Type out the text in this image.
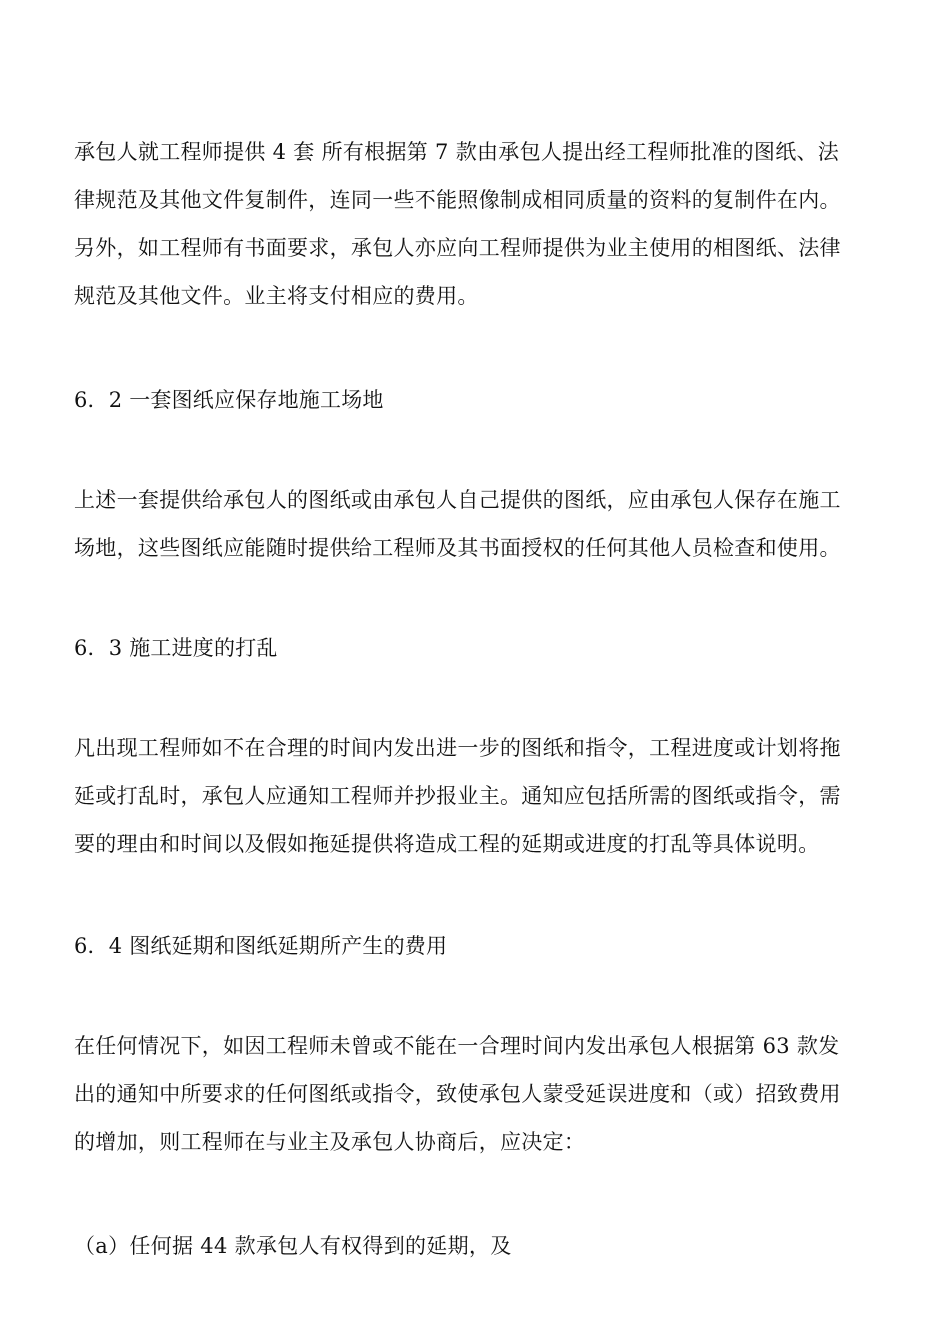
承包人就工程师提供 4 套 所有根据第 7 款由承包人提出经工程师批准的图纸、法
律规范及其他文件复制件，连同一些不能照像制成相同质量的资料的复制件在内。
另外，如工程师有书面要求，承包人亦应向工程师提供为业主使用的相图纸、法律
规范及其他文件。业主将支付相应的费用。
6．2 一套图纸应保存地施工场地
上述一套提供给承包人的图纸或由承包人自己提供的图纸，应由承包人保存在施工
场地，这些图纸应能随时提供给工程师及其书面授权的任何其他人员检查和使用。
6．3 施工进度的打乱
凡出现工程师如不在合理的时间内发出进一步的图纸和指令，工程进度或计划将拖
延或打乱时，承包人应通知工程师并抄报业主。通知应包括所需的图纸或指令，需
要的理由和时间以及假如拖延提供将造成工程的延期或进度的打乱等具体说明。
6．4 图纸延期和图纸延期所产生的费用
在任何情况下，如因工程师未曾或不能在一合理时间内发出承包人根据第 63 款发
出的通知中所要求的任何图纸或指令，致使承包人蒙受延误进度和（或）招致费用
的增加，则工程师在与业主及承包人协商后，应决定：
（a）任何据 44 款承包人有权得到的延期，及
